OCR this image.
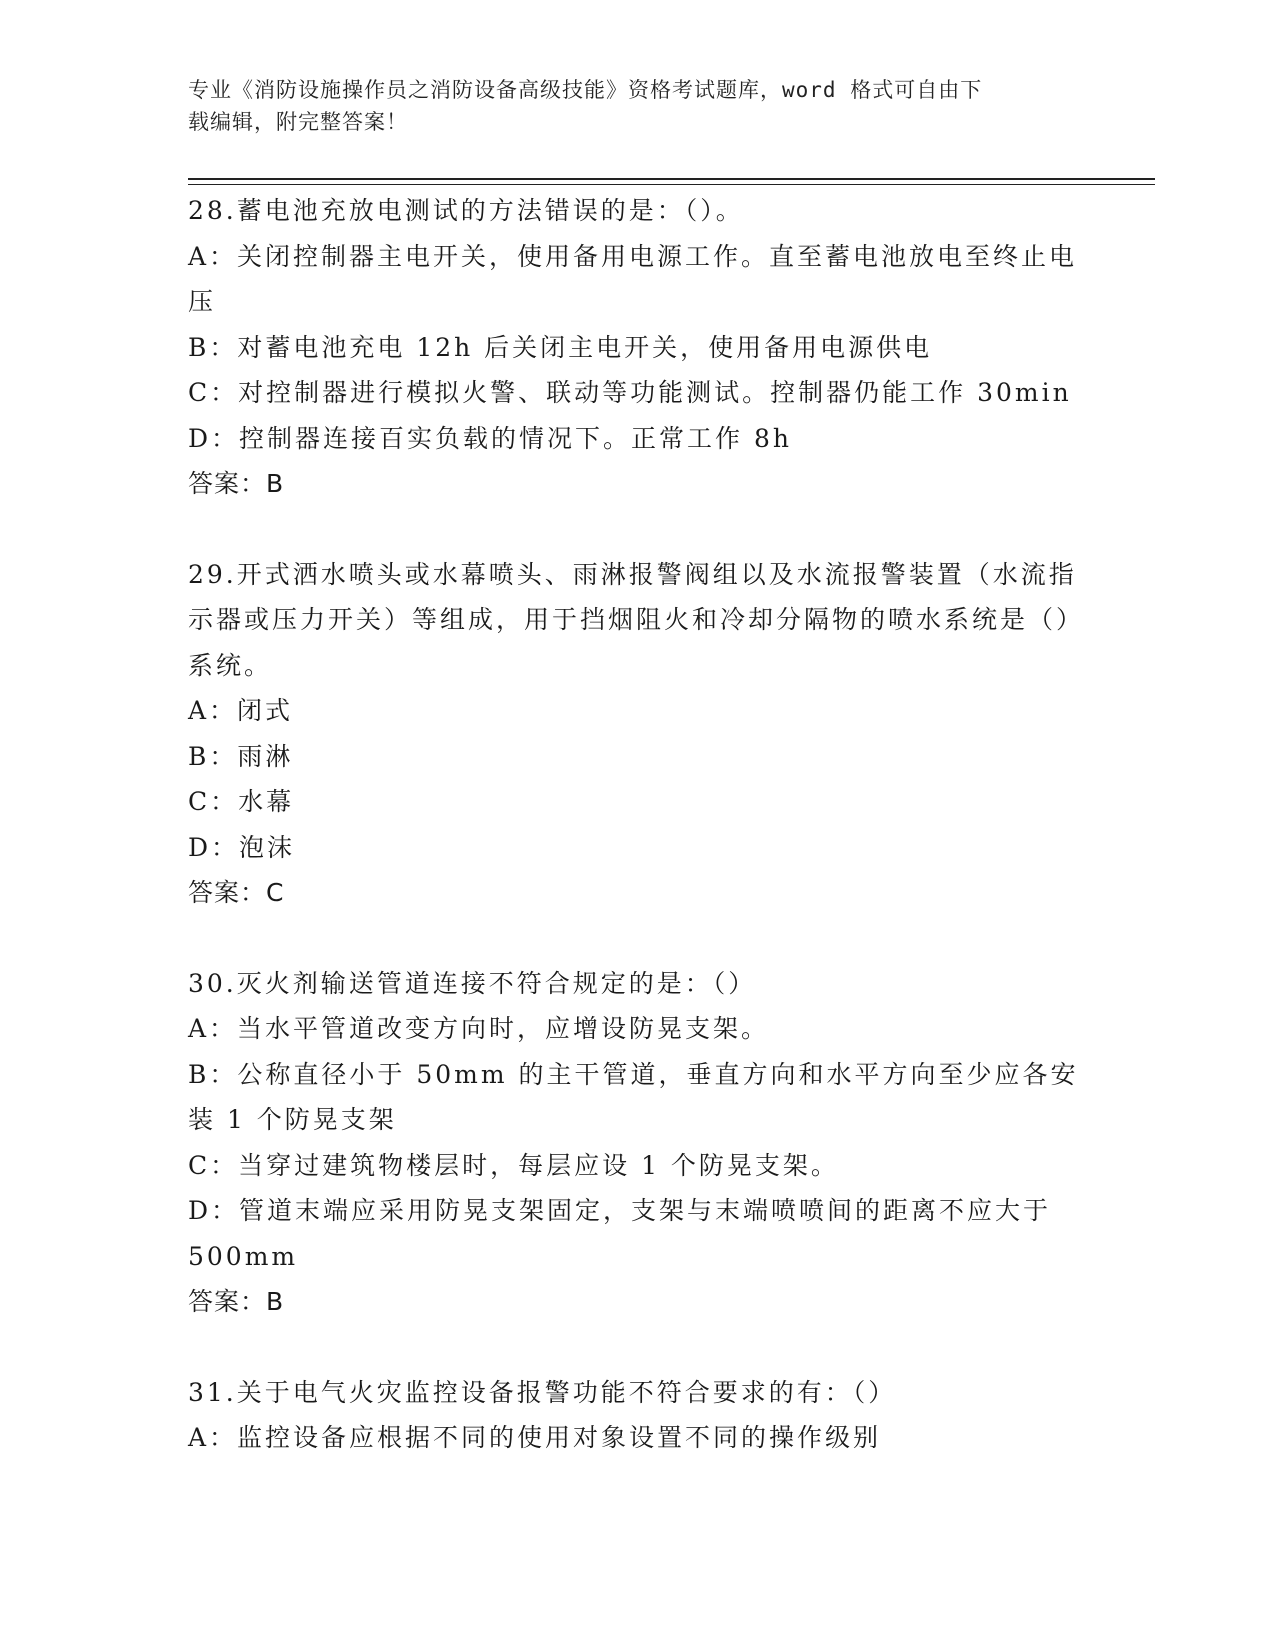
专业《消防设施操作员之消防设备高级技能》资格考试题库，word 格式可自由下
载编辑，附完整答案！
28.蓄电池充放电测试的方法错误的是：（）。
A：关闭控制器主电开关，使用备用电源工作。直至蓄电池放电至终止电压
B：对蓄电池充电 12h 后关闭主电开关，使用备用电源供电
C：对控制器进行模拟火警、联动等功能测试。控制器仍能工作 30min
D：控制器连接百实负载的情况下。正常工作 8h
答案：B
29.开式洒水喷头或水幕喷头、雨淋报警阀组以及水流报警装置（水流指示器或压力开关）等组成，用于挡烟阻火和冷却分隔物的喷水系统是（）系统。
A：闭式
B：雨淋
C：水幕
D：泡沫
答案：C
30.灭火剂输送管道连接不符合规定的是：（）
A：当水平管道改变方向时，应增设防晃支架。
B：公称直径小于 50mm 的主干管道，垂直方向和水平方向至少应各安装 1 个防晃支架
C：当穿过建筑物楼层时，每层应设 1 个防晃支架。
D：管道末端应采用防晃支架固定，支架与末端喷喷间的距离不应大于 500mm
答案：B
31.关于电气火灾监控设备报警功能不符合要求的有：（）
A：监控设备应根据不同的使用对象设置不同的操作级别
